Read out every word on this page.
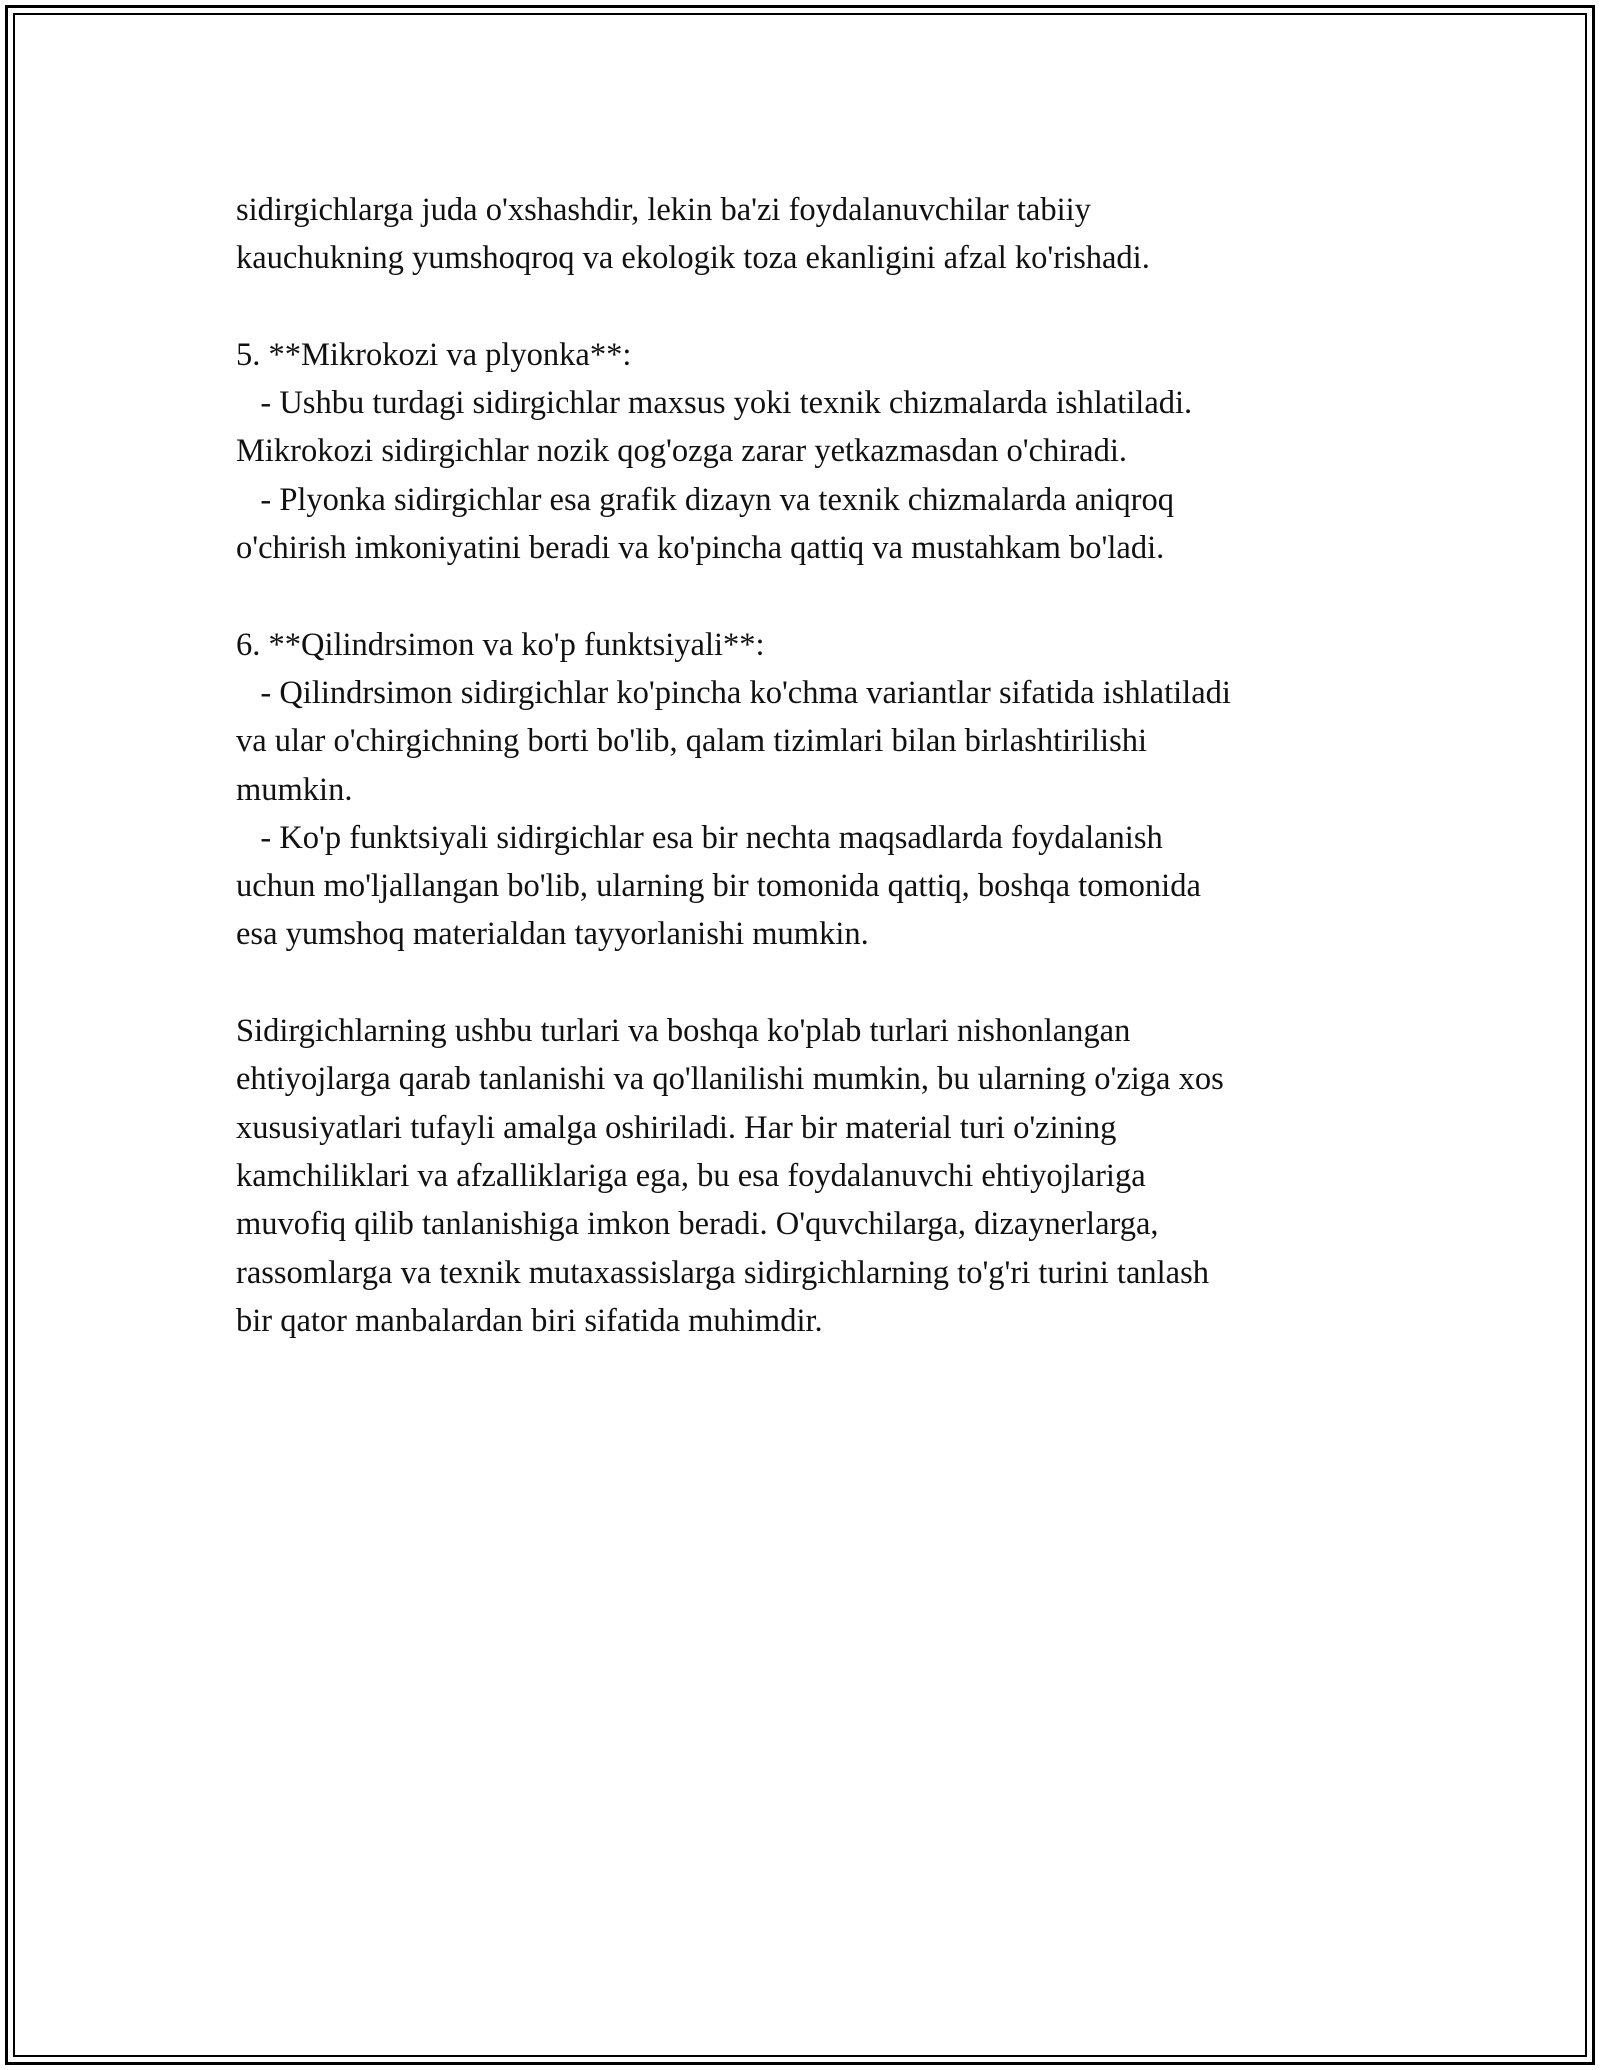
sidirgichlarga juda o'xshashdir, lekin ba'zi foydalanuvchilar tabiiy
kauchukning yumshoqroq va ekologik toza ekanligini afzal ko'rishadi.
5. **Mikrokozi va plyonka**:
- Ushbu turdagi sidirgichlar maxsus yoki texnik chizmalarda ishlatiladi.
Mikrokozi sidirgichlar nozik qog'ozga zarar yetkazmasdan o'chiradi.
- Plyonka sidirgichlar esa grafik dizayn va texnik chizmalarda aniqroq
o'chirish imkoniyatini beradi va ko'pincha qattiq va mustahkam bo'ladi.
6. **Qilindrsimon va ko'p funktsiyali**:
- Qilindrsimon sidirgichlar ko'pincha ko'chma variantlar sifatida ishlatiladi
va ular o'chirgichning borti bo'lib, qalam tizimlari bilan birlashtirilishi
mumkin.
- Ko'p funktsiyali sidirgichlar esa bir nechta maqsadlarda foydalanish
uchun mo'ljallangan bo'lib, ularning bir tomonida qattiq, boshqa tomonida
esa yumshoq materialdan tayyorlanishi mumkin.
Sidirgichlarning ushbu turlari va boshqa ko'plab turlari nishonlangan
ehtiyojlarga qarab tanlanishi va qo'llanilishi mumkin, bu ularning o'ziga xos
xususiyatlari tufayli amalga oshiriladi. Har bir material turi o'zining
kamchiliklari va afzalliklariga ega, bu esa foydalanuvchi ehtiyojlariga
muvofiq qilib tanlanishiga imkon beradi. O'quvchilarga, dizaynerlarga,
rassomlarga va texnik mutaxassislarga sidirgichlarning to'g'ri turini tanlash
bir qator manbalardan biri sifatida muhimdir.
